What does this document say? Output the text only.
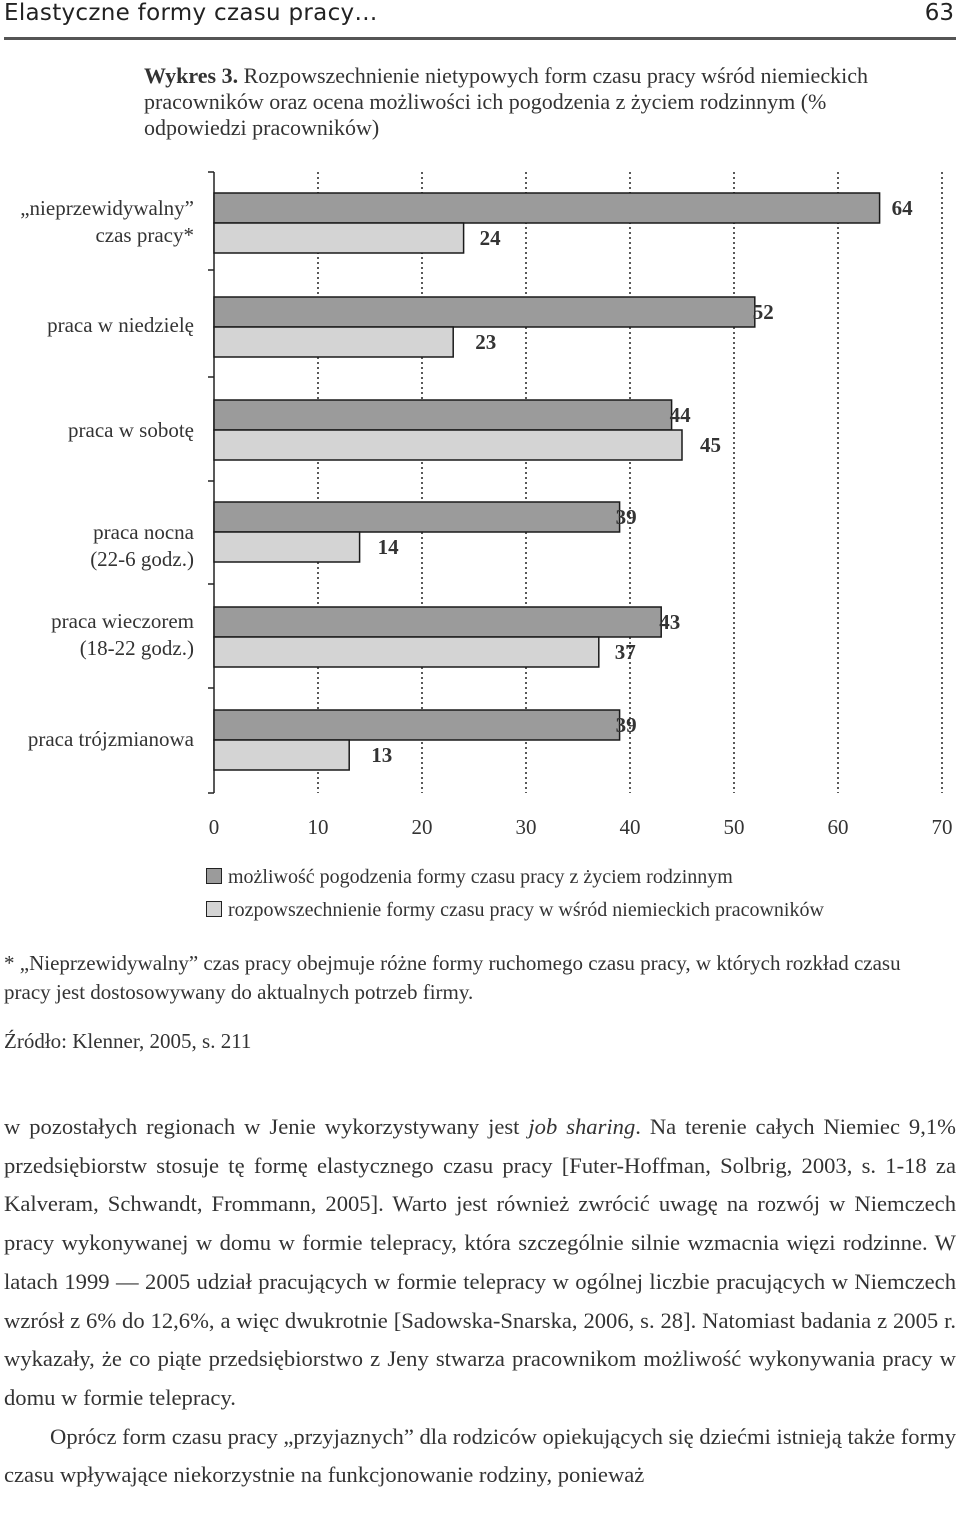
Elastyczne formy czasu pracy…	63
Wykres 3. Rozpowszechnienie nietypowych form czasu pracy wśród niemieckich pracowników oraz ocena możliwości ich pogodzenia z życiem rodzinnym (% odpowiedzi pracowników)
64
24
52
23
44
45
39
14
43
37
39
13
0	10	20	30	40	50	60	70
„nieprzewidywalny”
czas pracy*
praca w niedzielę
praca w sobotę
praca nocna
(22-6 godz.)
praca wieczorem
(18-22 godz.)
praca trójzmianowa
możliwość pogodzenia formy czasu pracy z życiem rodzinnym
rozpowszechnienie formy czasu pracy w wśród niemieckich pracowników
* „Nieprzewidywalny” czas pracy obejmuje różne formy ruchomego czasu pracy, w których rozkład czasu pracy jest dostosowywany do aktualnych potrzeb firmy.
Źródło: Klenner, 2005, s. 211

w pozostałych regionach w Jenie wykorzystywany jest job sharing. Na terenie całych Niemiec 9,1% przedsiębiorstw stosuje tę formę elastycznego czasu pracy [Futer-Hoffman, Solbrig, 2003, s. 1-18 za Kalveram, Schwandt, Frommann, 2005]. Warto jest również zwrócić uwagę na rozwój w Niemczech pracy wykonywanej w domu w formie telepracy, która szczególnie silnie wzmacnia więzi rodzinne. W latach 1999 — 2005 udział pracujących w formie telepracy w ogólnej liczbie pracujących w Niemczech wzrósł z 6% do 12,6%, a więc dwukrotnie [Sadowska-Snarska, 2006, s. 28]. Natomiast badania z 2005 r. wykazały, że co piąte przedsiębiorstwo z Jeny stwarza pracownikom możliwość wykonywania pracy w domu w formie telepracy.

Oprócz form czasu pracy „przyjaznych” dla rodziców opiekujących się dziećmi istnieją także formy czasu wpływające niekorzystnie na funkcjonowanie rodziny, ponieważ
